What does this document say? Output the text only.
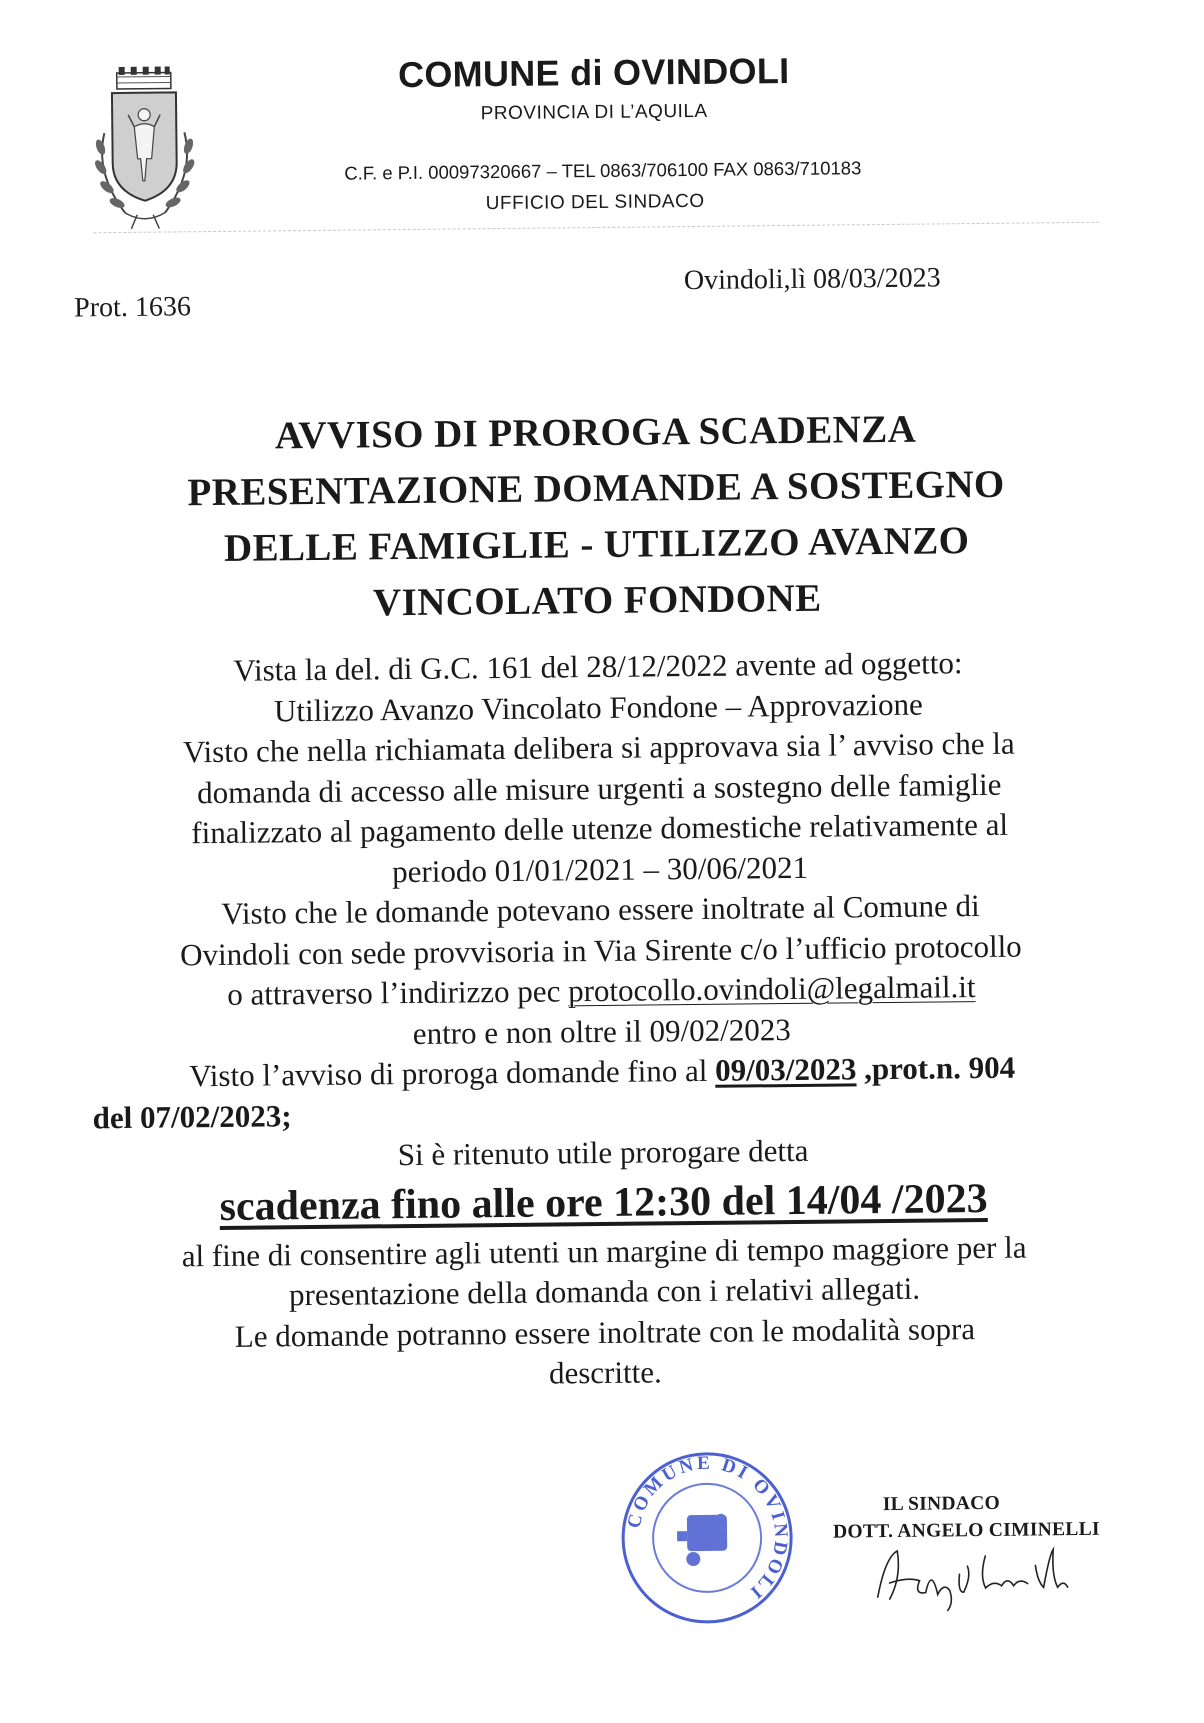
COMUNE di OVINDOLI
PROVINCIA DI L’AQUILA
C.F. e P.I. 00097320667 – TEL 0863/706100 FAX 0863/710183
UFFICIO DEL SINDACO
Prot. 1636
Ovindoli,lì 08/03/2023
AVVISO DI PROROGA SCADENZA
PRESENTAZIONE DOMANDE A SOSTEGNO
DELLE FAMIGLIE - UTILIZZO AVANZO
VINCOLATO FONDONE
Vista la del. di G.C. 161 del 28/12/2022 avente ad oggetto:
Utilizzo Avanzo Vincolato Fondone – Approvazione
Visto che nella richiamata delibera si approvava sia l’ avviso che la
domanda di accesso alle misure urgenti a sostegno delle famiglie
finalizzato al pagamento delle utenze domestiche relativamente al
periodo 01/01/2021 – 30/06/2021
Visto che le domande potevano essere inoltrate al Comune di
Ovindoli con sede provvisoria in Via Sirente c/o l’ufficio protocollo
o attraverso l’indirizzo pec protocollo.ovindoli@legalmail.it
entro e non oltre il 09/02/2023
Visto l’avviso di proroga domande fino al 09/03/2023 ,prot.n. 904
del 07/02/2023;
Si è ritenuto utile prorogare detta
scadenza fino alle ore 12:30 del 14/04 /2023
al fine di consentire agli utenti un margine di tempo maggiore per la
presentazione della domanda con i relativi allegati.
Le domande potranno essere inoltrate con le modalità sopra
descritte.
COMUNE DI OVINDOLI
IL SINDACO
DOTT. ANGELO CIMINELLI
